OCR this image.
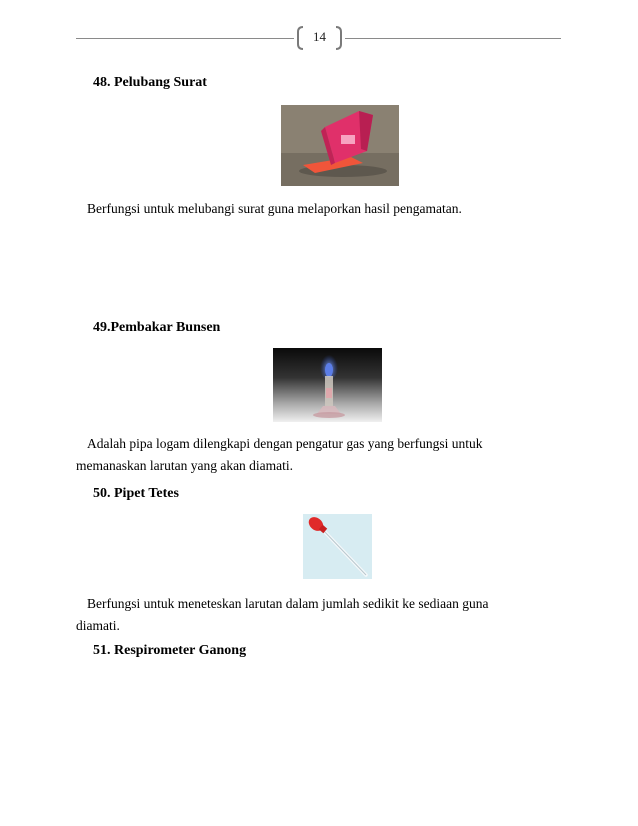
14
48. Pelubang Surat
Berfungsi untuk melubangi surat guna melaporkan hasil pengamatan.
49.Pembakar Bunsen
Adalah pipa logam dilengkapi dengan pengatur gas yang berfungsi untuk
memanaskan larutan yang akan diamati.
50. Pipet Tetes
Berfungsi untuk meneteskan larutan dalam jumlah sedikit ke sediaan guna
diamati.
51. Respirometer Ganong
